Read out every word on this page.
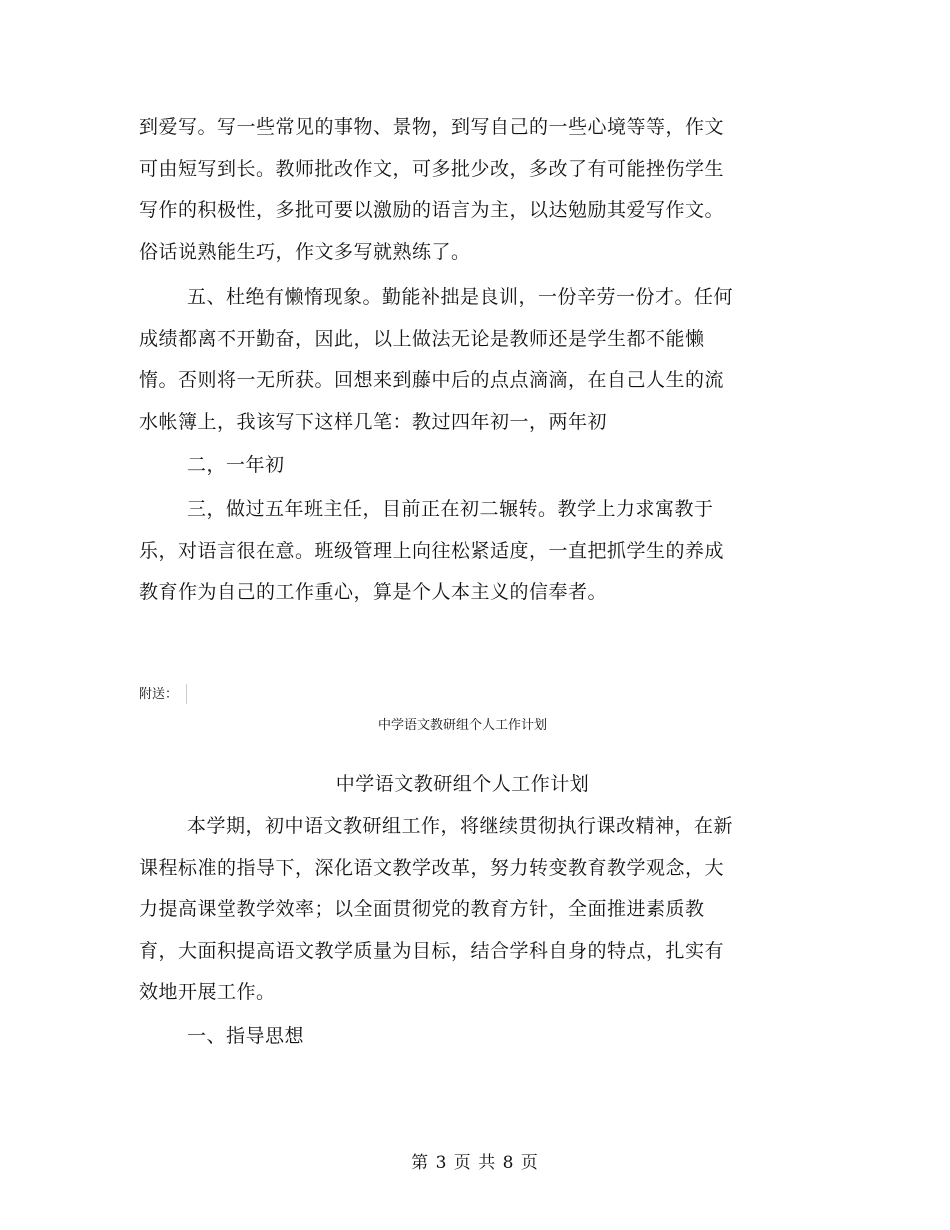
到爱写。写一些常见的事物、景物，到写自己的一些心境等等，作文
可由短写到长。教师批改作文，可多批少改，多改了有可能挫伤学生
写作的积极性，多批可要以激励的语言为主，以达勉励其爱写作文。
俗话说熟能生巧，作文多写就熟练了。
五、杜绝有懒惰现象。勤能补拙是良训，一份辛劳一份才。任何
成绩都离不开勤奋，因此，以上做法无论是教师还是学生都不能懒
惰。否则将一无所获。回想来到藤中后的点点滴滴，在自己人生的流
水帐簿上，我该写下这样几笔：教过四年初一，两年初
二，一年初
三，做过五年班主任，目前正在初二辗转。教学上力求寓教于
乐，对语言很在意。班级管理上向往松紧适度，一直把抓学生的养成
教育作为自己的工作重心，算是个人本主义的信奉者。
附送：
中学语文教研组个人工作计划
中学语文教研组个人工作计划
本学期，初中语文教研组工作，将继续贯彻执行课改精神，在新
课程标准的指导下，深化语文教学改革，努力转变教育教学观念，大
力提高课堂教学效率；以全面贯彻党的教育方针，全面推进素质教
育，大面积提高语文教学质量为目标，结合学科自身的特点，扎实有
效地开展工作。
一、指导思想
第 3 页 共 8 页
